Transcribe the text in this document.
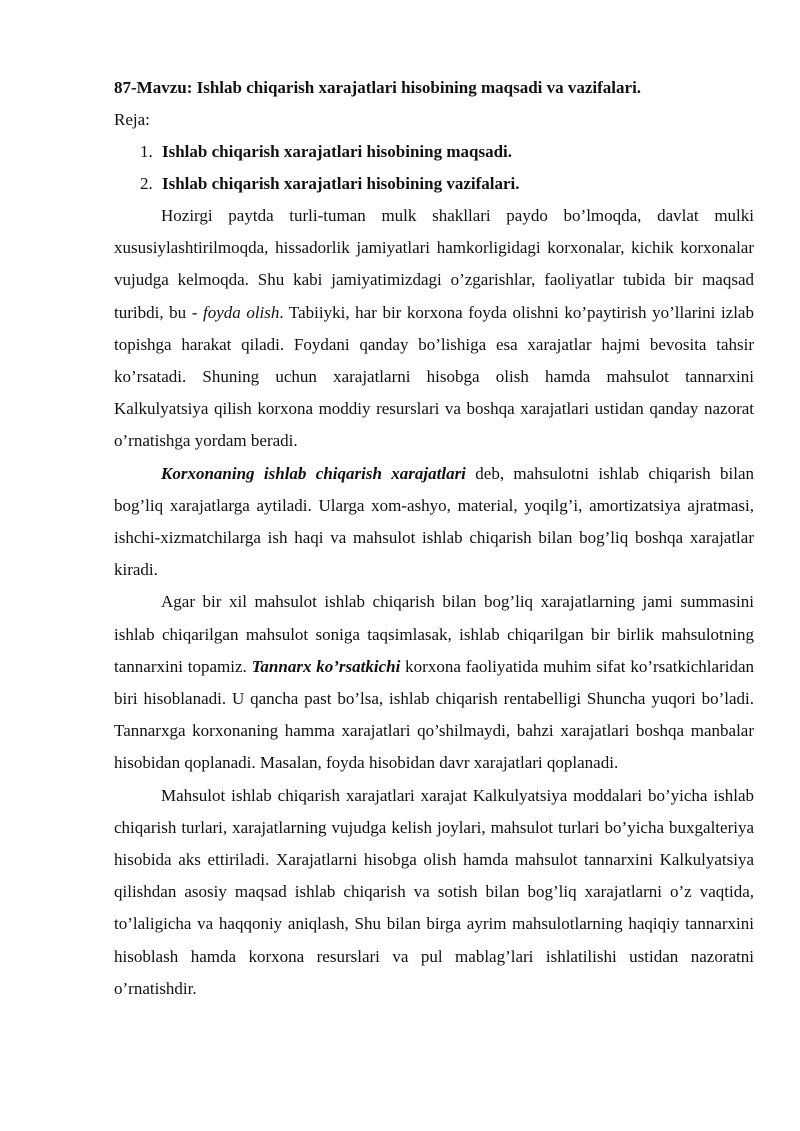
87-Mavzu: Ishlab chiqarish xarajatlari hisobining maqsadi va vazifalari.
Reja:
1. Ishlab chiqarish xarajatlari hisobining maqsadi.
2. Ishlab chiqarish xarajatlari hisobining vazifalari.

Hozirgi paytda turli-tuman mulk shakllari paydo bo’lmoqda, davlat mulki xususiylashtirilmoqda, hissadorlik jamiyatlari hamkorligidagi korxonalar, kichik korxonalar vujudga kelmoqda. Shu kabi jamiyatimizdagi o’zgarishlar, faoliyatlar tubida bir maqsad turibdi, bu - foyda olish. Tabiiyki, har bir korxona foyda olishni ko’paytirish yo’llarini izlab topishga harakat qiladi. Foydani qanday bo’lishiga esa xarajatlar hajmi bevosita tahsir ko’rsatadi. Shuning uchun xarajatlarni hisobga olish hamda mahsulot tannarxini Kalkulyatsiya qilish korxona moddiy resurslari va boshqa xarajatlari ustidan qanday nazorat o’rnatishga yordam beradi.

Korxonaning ishlab chiqarish xarajatlari deb, mahsulotni ishlab chiqarish bilan bog’liq xarajatlarga aytiladi. Ularga xom-ashyo, material, yoqilg’i, amortizatsiya ajratmasi, ishchi-xizmatchilarga ish haqi va mahsulot ishlab chiqarish bilan bog’liq boshqa xarajatlar kiradi.

Agar bir xil mahsulot ishlab chiqarish bilan bog’liq xarajatlarning jami summasini ishlab chiqarilgan mahsulot soniga taqsimlasak, ishlab chiqarilgan bir birlik mahsulotning tannarxini topamiz. Tannarx ko’rsatkichi korxona faoliyatida muhim sifat ko’rsatkichlaridan biri hisoblanadi. U qancha past bo’lsa, ishlab chiqarish rentabelligi Shuncha yuqori bo’ladi. Tannarxga korxonaning hamma xarajatlari qo’shilmaydi, bahzi xarajatlari boshqa manbalar hisobidan qoplanadi. Masalan, foyda hisobidan davr xarajatlari qoplanadi.

Mahsulot ishlab chiqarish xarajatlari xarajat Kalkulyatsiya moddalari bo’yicha ishlab chiqarish turlari, xarajatlarning vujudga kelish joylari, mahsulot turlari bo’yicha buxgalteriya hisobida aks ettiriladi. Xarajatlarni hisobga olish hamda mahsulot tannarxini Kalkulyatsiya qilishdan asosiy maqsad ishlab chiqarish va sotish bilan bog’liq xarajatlarni o’z vaqtida, to’laligicha va haqqoniy aniqlash, Shu bilan birga ayrim mahsulotlarning haqiqiy tannarxini hisoblash hamda korxona resurslari va pul mablag’lari ishlatilishi ustidan nazoratni o’rnatishdir.
